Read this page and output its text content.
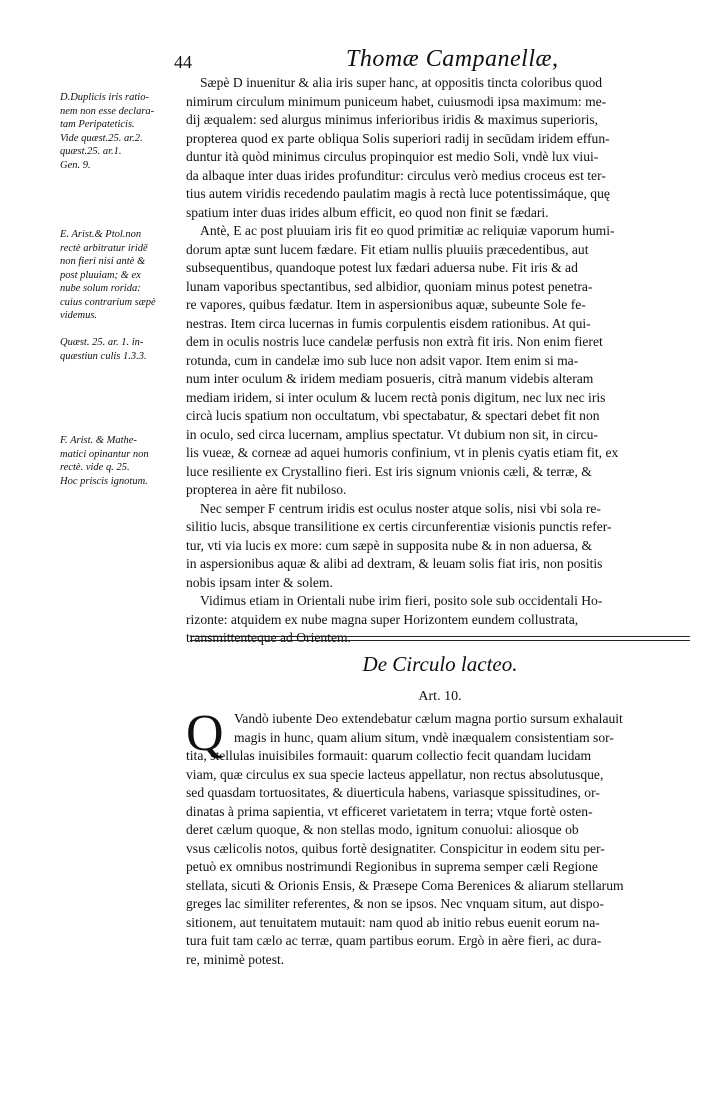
44	Thomæ Campanellæ,
D.Duplicis iris ratio-
nem non esse declara-
tam Peripateticis.
Vide quæst.25. ar.2.
quæst.25. ar.1.
Gen. 9.
E. Arist.& Ptol.non
rectè arbitratur iridē
non fieri nisi antè &
post pluuiam; & ex
nube solum rorida:
cuius contrarium sæpè
videmus.
Quæst. 25. ar. 1. in-
quæstiun culis 1.3.3.
F. Arist. & Mathe-
matici opinantur non
rectè. vide q. 25.
Hoc priscis ignotum.
Sæpè D inuenitur & alia iris super hanc, at oppositis tincta coloribus quod
nimirum circulum minimum puniceum habet, cuiusmodi ipsa maximum: me-
dij æqualem: sed alurgus minimus inferioribus iridis & maximus superioris,
propterea quod ex parte obliqua Solis superiori radij in secūdam iridem effun-
duntur ità quòd minimus circulus propinquior est medio Soli, vndè lux viui-
da albaque inter duas irides profunditur: circulus verò medius croceus est ter-
tius autem viridis recedendo paulatim magis à rectà luce potentissimáque, quę
spatium inter duas irides album efficit, eo quod non finit se fædari.
Antè, E ac post pluuiam iris fit eo quod primitiæ ac reliquiæ vaporum humi-
dorum aptæ sunt lucem fædare. Fit etiam nullis pluuiis præcedentibus, aut
subsequentibus, quandoque potest lux fædari aduersa nube. Fit iris & ad
lunam vaporibus spectantibus, sed albidior, quoniam minus potest penetra-
re vapores, quibus fædatur. Item in aspersionibus aquæ, subeunte Sole fe-
nestras. Item circa lucernas in fumis corpulentis eisdem rationibus. At qui-
dem in oculis nostris luce candelæ perfusis non extrà fit iris. Non enim fieret
rotunda, cum in candelæ imo sub luce non adsit vapor. Item enim si ma-
num inter oculum & iridem mediam posueris, citrà manum videbis alteram
mediam iridem, si inter oculum & lucem rectà ponis digitum, nec lux nec iris
circà lucis spatium non occultatum, vbi spectabatur, & spectari debet fit non
in oculo, sed circa lucernam, amplius spectatur. Vt dubium non sit, in circu-
lis vueæ, & corneæ ad aquei humoris confinium, vt in plenis cyatis etiam fit, ex
luce resiliente ex Crystallino fieri. Est iris signum vnionis cæli, & terræ, &
propterea in aère fit nubiloso.
Nec semper F centrum iridis est oculus noster atque solis, nisi vbi sola re-
silitio lucis, absque transilitione ex certis circunferentiæ visionis punctis refer-
tur, vti via lucis ex more: cum sæpè in supposita nube & in non aduersa, &
in aspersionibus aquæ & alibi ad dextram, & leuam solis fiat iris, non positis
nobis ipsam inter & solem.
Vidimus etiam in Orientali nube irim fieri, posito sole sub occidentali Ho-
rizonte: atquidem ex nube magna super Horizontem eundem collustrata,
transmittenteque ad Orientem.
De Circulo lacteo.
Art. 10.
Q Vandò iubente Deo extendebatur cælum magna portio sursum exhalauit
magis in hunc, quam alium situm, vndè inæqualem consistentiam sor-
tita, stellulas inuisibiles formauit: quarum collectio fecit quandam lucidam
viam, quæ circulus ex sua specie lacteus appellatur, non rectus absolutusque,
sed quasdam tortuositates, & diuerticula habens, variasque spissitudines, or-
dinatas à prima sapientia, vt efficeret varietatem in terra; vtque fortè osten-
deret cælum quoque, & non stellas modo, ignitum conuolui: aliosque ob
vsus cælicolis notos, quibus fortè designatiter. Conspicitur in eodem situ per-
petuò ex omnibus nostrimundi Regionibus in suprema semper cæli Regione
stellata, sicuti & Orionis Ensis, & Præsepe Coma Berenices & aliarum stellarum
greges lac similiter referentes, & non se ipsos. Nec vnquam situm, aut dispo-
sitionem, aut tenuitatem mutauit: nam quod ab initio rebus euenit eorum na-
tura fuit tam cælo ac terræ, quam partibus eorum. Ergò in aère fieri, ac dura-
re, minimè potest.
